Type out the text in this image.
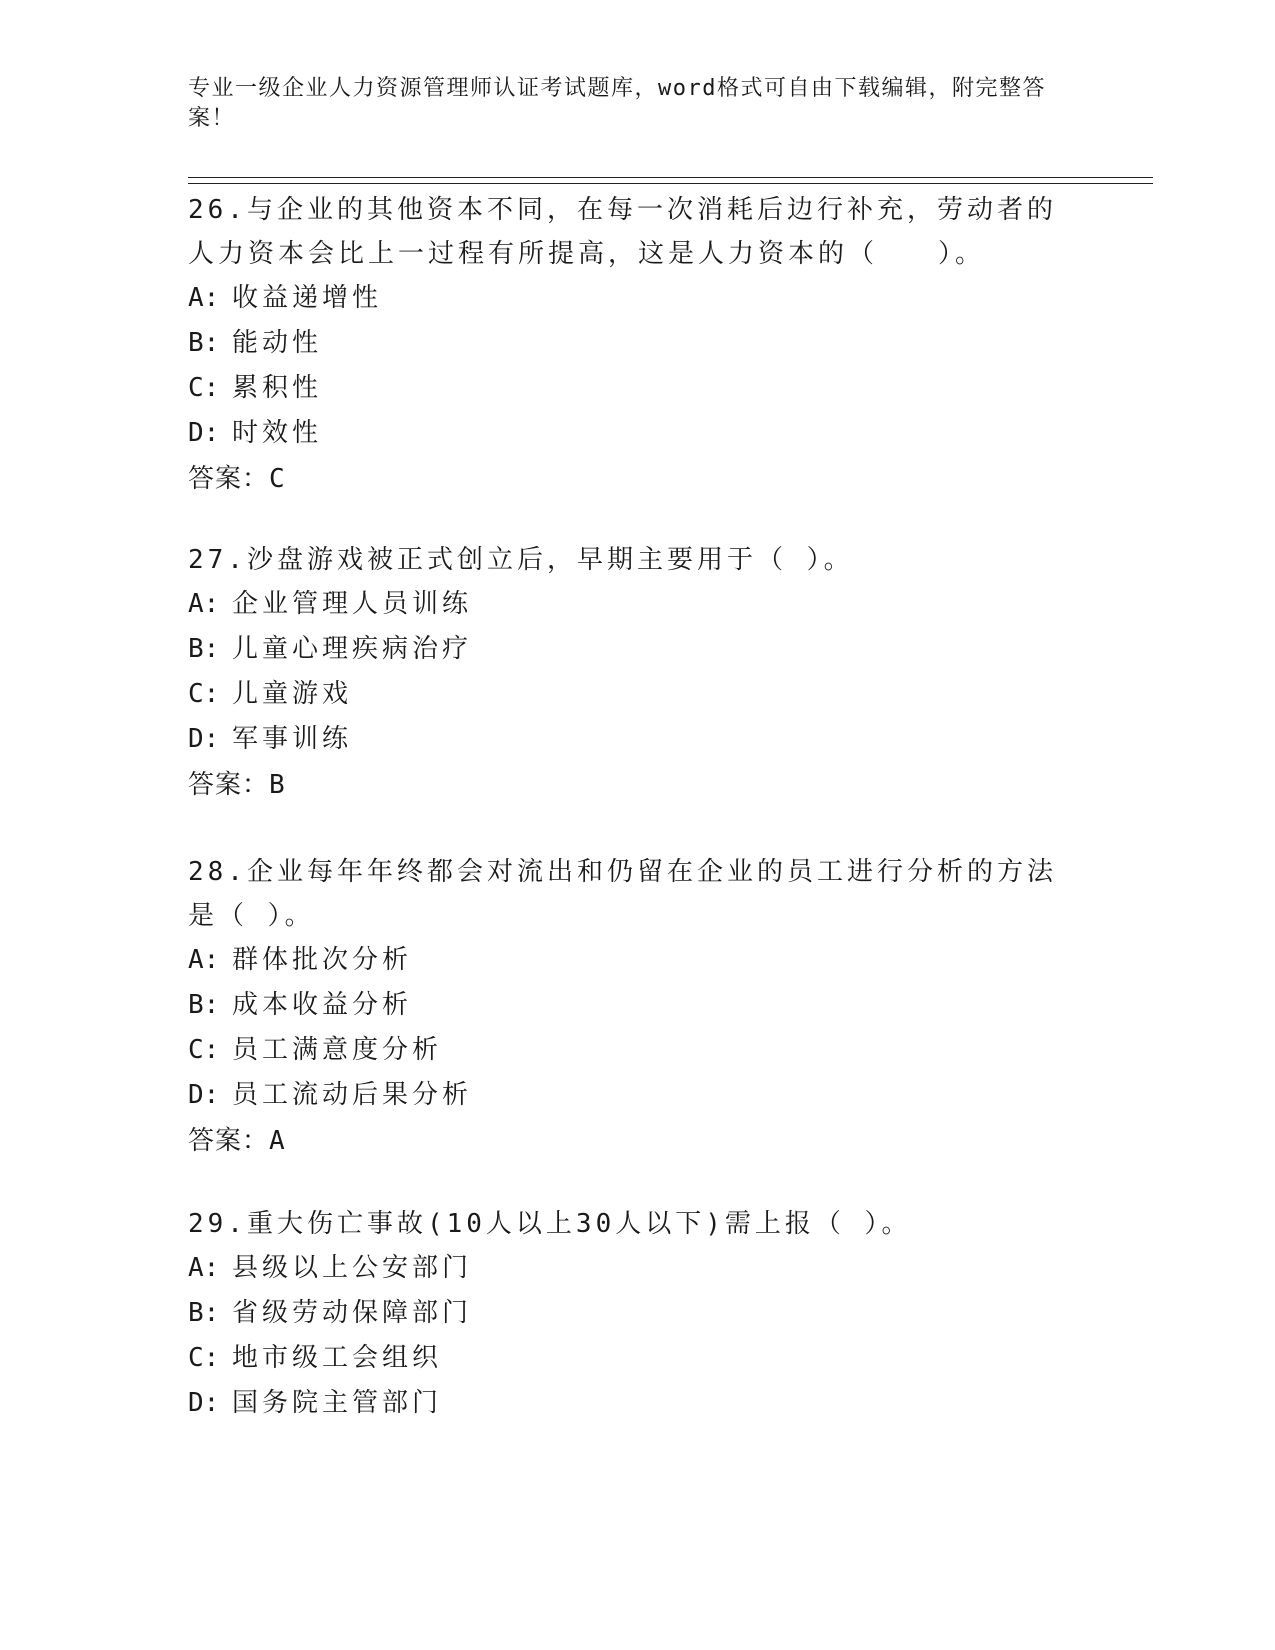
专业一级企业人力资源管理师认证考试题库，word格式可自由下载编辑，附完整答案！

26.与企业的其他资本不同，在每一次消耗后边行补充，劳动者的人力资本会比上一过程有所提高，这是人力资本的（　　）。

A: 收益递增性
B: 能动性
C: 累积性
D: 时效性
答案： C

27.沙盘游戏被正式创立后，早期主要用于（ ）。

A: 企业管理人员训练
B: 儿童心理疾病治疗
C: 儿童游戏
D: 军事训练
答案： B

28.企业每年年终都会对流出和仍留在企业的员工进行分析的方法是（ ）。

A: 群体批次分析
B: 成本收益分析
C: 员工满意度分析
D: 员工流动后果分析
答案： A

29.重大伤亡事故(10人以上30人以下)需上报（ ）。

A: 县级以上公安部门
B: 省级劳动保障部门
C: 地市级工会组织
D: 国务院主管部门
